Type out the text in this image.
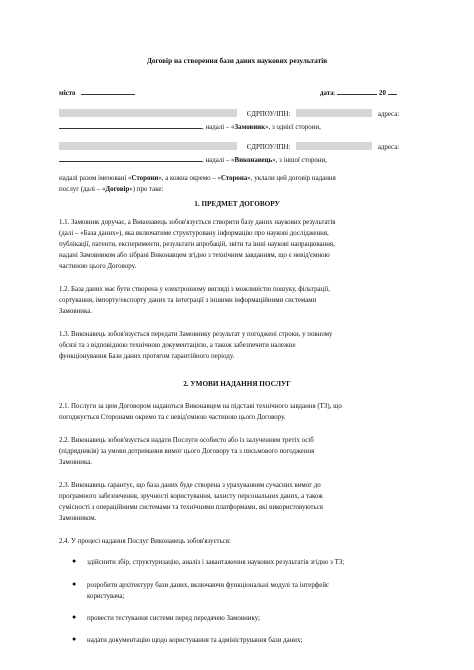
Договір на створення бази даних наукових результатів
місто	дата:	20
ЄДРПОУ/ІПН:	адреса:
, надалі – «Замовник», з однієї сторони,
ЄДРПОУ/ІПН:	адреса:
, надалі – «Виконавець», з іншої сторони,
надалі разом іменовані «Сторони», а кожна окремо – «Сторона», уклали цей договір надання
послуг (далі – «Договір») про таке:
1. ПРЕДМЕТ ДОГОВОРУ
1.1. Замовник доручає, а Виконавець зобов'язується створити базу даних наукових результатів
(далі – «База даних»), яка включатиме структуровану інформацію про наукові дослідження,
публікації, патенти, експерименти, результати апробацій, звіти та інші наукові напрацювання,
надані Замовником або зібрані Виконавцем згідно з технічним завданням, що є невід'ємною
частиною цього Договору.
1.2. База даних має бути створена у електронному вигляді з можливістю пошуку, фільтрації,
сортування, імпорту/експорту даних та інтеграції з іншими інформаційними системами
Замовника.
1.3. Виконавець зобов'язується передати Замовнику результат у погоджені строки, у повному
обсязі та з відповідною технічною документацією, а також забезпечити належне
функціонування Бази даних протягом гарантійного періоду.
2. УМОВИ НАДАННЯ ПОСЛУГ
2.1. Послуги за цим Договором надаються Виконавцем на підставі технічного завдання (ТЗ), що
погоджується Сторонами окремо та є невід'ємною частиною цього Договору.
2.2. Виконавець зобов'язується надати Послуги особисто або із залученням третіх осіб
(підрядників) за умови дотримання вимог цього Договору та з письмового погодження
Замовника.
2.3. Виконавець гарантує, що база даних буде створена з урахуванням сучасних вимог до
програмного забезпечення, зручності користування, захисту персональних даних, а також
сумісності з операційними системами та технічними платформами, які використовуються
Замовником.
2.4. У процесі надання Послуг Виконавець зобов'язується:
● здійснити збір, структуризацію, аналіз і завантаження наукових результатів згідно з ТЗ;
● розробити архітектуру бази даних, включаючи функціональні модулі та інтерфейс
користувача;
● провести тестування системи перед передачею Замовнику;
● надати документацію щодо користування та адміністрування бази даних;
